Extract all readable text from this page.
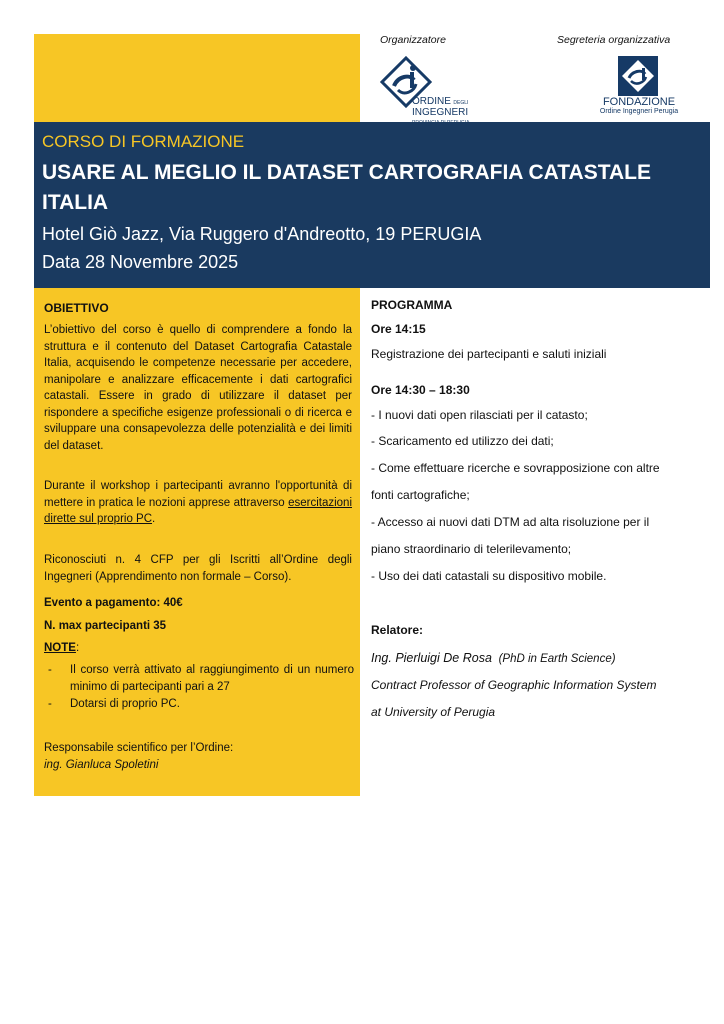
Organizzatore	Segreteria organizzativa
ORDINE DEGLI
INGEGNERI
FONDAZIONE
Ordine Ingegneri Perugia
CORSO DI FORMAZIONE
USARE AL MEGLIO IL DATASET CARTOGRAFIA CATASTALE ITALIA
Hotel Giò Jazz, Via Ruggero d'Andreotto, 19 PERUGIA
Data 28 Novembre 2025
OBIETTIVO
L’obiettivo del corso è quello di comprendere a fondo la struttura e il contenuto del Dataset Cartografia Catastale Italia, acquisendo le competenze necessarie per accedere, manipolare e analizzare efficacemente i dati cartografici catastali. Essere in grado di utilizzare il dataset per rispondere a specifiche esigenze professionali o di ricerca e sviluppare una consapevolezza delle potenzialità e dei limiti del dataset.
Durante il workshop i partecipanti avranno l'opportunità di mettere in pratica le nozioni apprese attraverso esercitazioni dirette sul proprio PC.
Riconosciuti n. 4 CFP per gli Iscritti all’Ordine degli Ingegneri (Apprendimento non formale – Corso).
Evento a pagamento: 40€
N. max partecipanti 35
NOTE:
- Il corso verrà attivato al raggiungimento di un numero minimo di partecipanti pari a 27
- Dotarsi di proprio PC.
Responsabile scientifico per l’Ordine:
ing. Gianluca Spoletini
PROGRAMMA
Ore 14:15
Registrazione dei partecipanti e saluti iniziali
Ore 14:30 – 18:30
- I nuovi dati open rilasciati per il catasto;
- Scaricamento ed utilizzo dei dati;
- Come effettuare ricerche e sovrapposizione con altre
fonti cartografiche;
- Accesso ai nuovi dati DTM ad alta risoluzione per il
piano straordinario di telerilevamento;
- Uso dei dati catastali su dispositivo mobile.
Relatore:
Ing. Pierluigi De Rosa (PhD in Earth Science)
Contract Professor of Geographic Information System
at University of Perugia
